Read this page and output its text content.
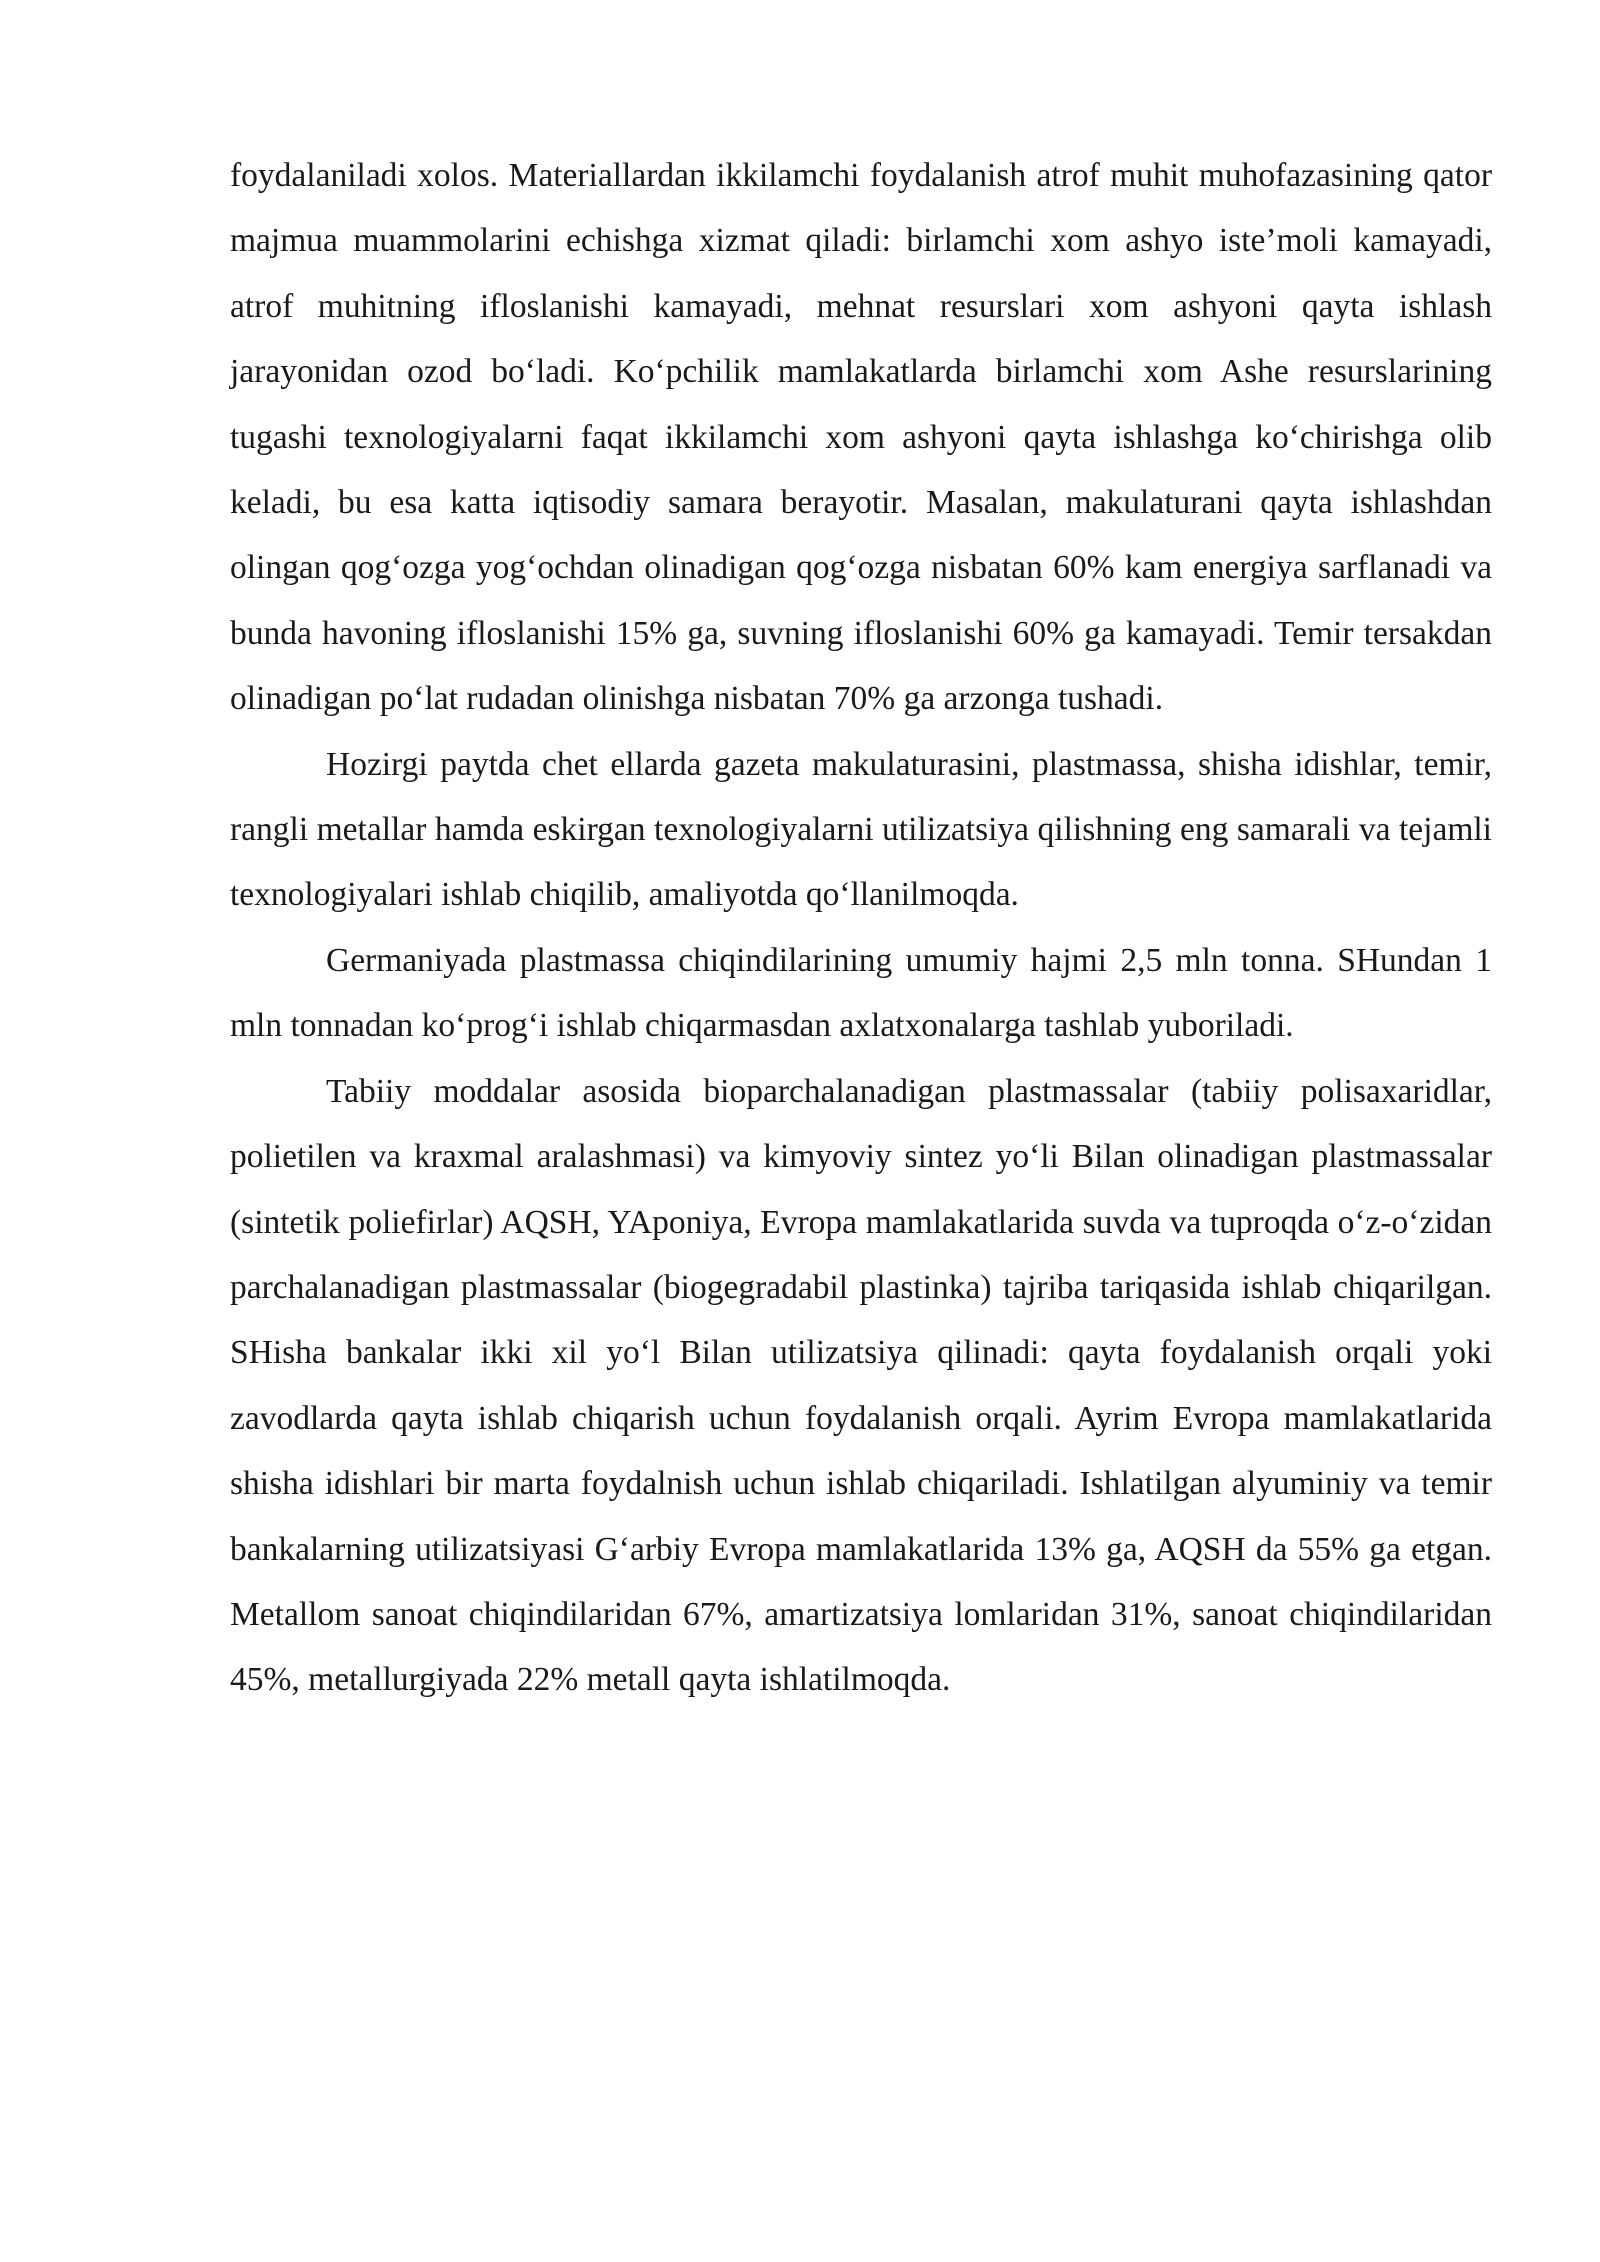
foydalaniladi xolos. Materiallardan ikkilamchi foydalanish atrof muhit muhofazasining qator majmua muammolarini echishga xizmat qiladi: birlamchi xom ashyo iste’moli kamayadi, atrof muhitning ifloslanishi kamayadi, mehnat resurslari xom ashyoni qayta ishlash jarayonidan ozod bo‘ladi. Ko‘pchilik mamlakatlarda birlamchi xom Ashe resurslarining tugashi texnologiyalarni faqat ikkilamchi xom ashyoni qayta ishlashga ko‘chirishga olib keladi, bu esa katta iqtisodiy samara berayotir. Masalan, makulaturani qayta ishlashdan olingan qog‘ozga yog‘ochdan olinadigan qog‘ozga nisbatan 60% kam energiya sarflanadi va bunda havoning ifloslanishi 15% ga, suvning ifloslanishi 60% ga kamayadi. Temir tersakdan olinadigan po‘lat rudadan olinishga nisbatan 70% ga arzonga tushadi.

Hozirgi paytda chet ellarda gazeta makulaturasini, plastmassa, shisha idishlar, temir, rangli metallar hamda eskirgan texnologiyalarni utilizatsiya qilishning eng samarali va tejamli texnologiyalari ishlab chiqilib, amaliyotda qo‘llanilmoqda.

Germaniyada plastmassa chiqindilarining umumiy hajmi 2,5 mln tonna. SHundan 1 mln tonnadan ko‘prog‘i ishlab chiqarmasdan axlatxonalarga tashlab yuboriladi.

Tabiiy moddalar asosida bioparchalanadigan plastmassalar (tabiiy polisaxaridlar, polietilen va kraxmal aralashmasi) va kimyoviy sintez yo‘li Bilan olinadigan plastmassalar (sintetik poliefirlar) AQSH, YAponiya, Evropa mamlakatlarida suvda va tuproqda o‘z-o‘zidan parchalanadigan plastmassalar (biogegradabil plastinka) tajriba tariqasida ishlab chiqarilgan. SHisha bankalar ikki xil yo‘l Bilan utilizatsiya qilinadi: qayta foydalanish orqali yoki zavodlarda qayta ishlab chiqarish uchun foydalanish orqali. Ayrim Evropa mamlakatlarida shisha idishlari bir marta foydalnish uchun ishlab chiqariladi. Ishlatilgan alyuminiy va temir bankalarning utilizatsiyasi G‘arbiy Evropa mamlakatlarida 13% ga, AQSH da 55% ga etgan. Metallom sanoat chiqindilaridan 67%, amartizatsiya lomlaridan 31%, sanoat chiqindilaridan 45%, metallurgiyada 22% metall qayta ishlatilmoqda.
